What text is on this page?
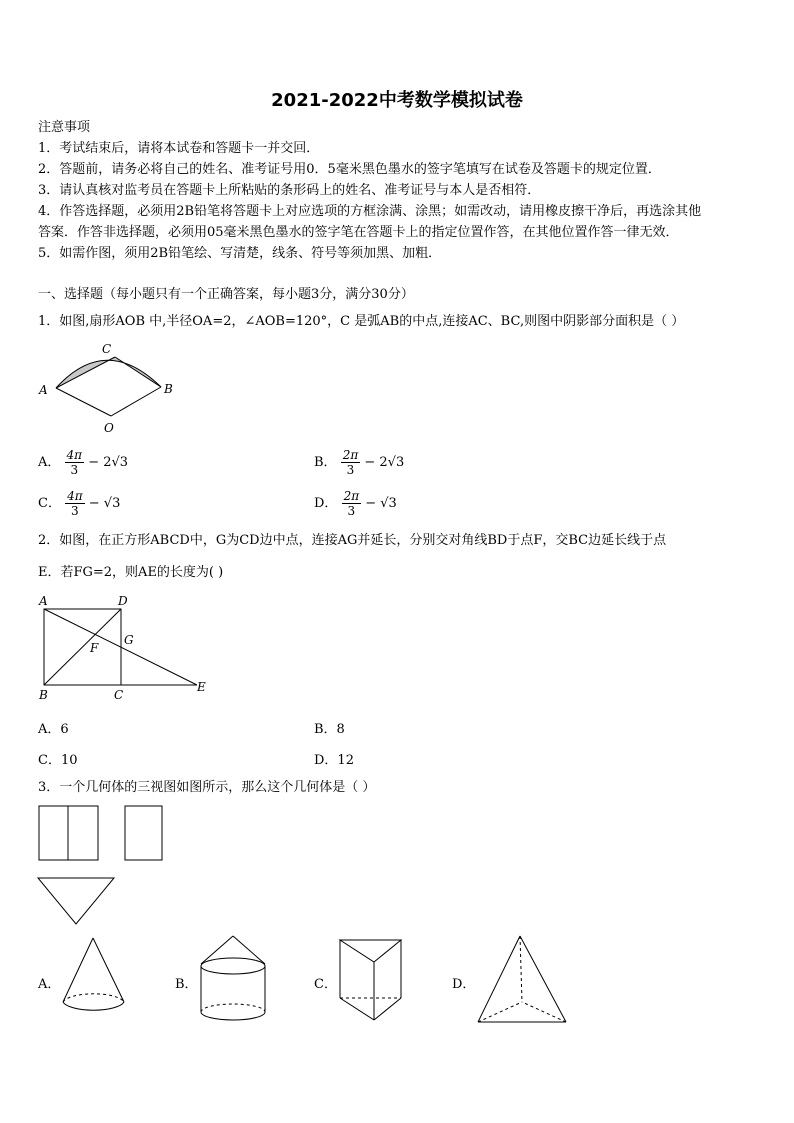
2021-2022中考数学模拟试卷
注意事项
1．考试结束后，请将本试卷和答题卡一并交回．
2．答题前，请务必将自己的姓名、准考证号用0．5毫米黑色墨水的签字笔填写在试卷及答题卡的规定位置．
3．请认真核对监考员在答题卡上所粘贴的条形码上的姓名、准考证号与本人是否相符．
4．作答选择题，必须用2B铅笔将答题卡上对应选项的方框涂满、涂黑；如需改动，请用橡皮擦干净后，再选涂其他
答案．作答非选择题，必须用05毫米黑色墨水的签字笔在答题卡上的指定位置作答，在其他位置作答一律无效．
5．如需作图，须用2B铅笔绘、写清楚，线条、符号等须加黑、加粗．
一、选择题（每小题只有一个正确答案，每小题3分，满分30分）
1．如图,扇形AOB 中,半径OA=2，∠AOB=120°，C 是弧AB的中点,连接AC、BC,则图中阴影部分面积是（ ）
A
C
B
O
A． $\frac{4\pi}{3} - 2√3$	B． $\frac{2\pi}{3} - 2√3$
C． $\frac{4\pi}{3} - √3$	D． $\frac{2\pi}{3} - √3$
2．如图，在正方形ABCD中，G为CD边中点，连接AG并延长，分别交对角线BD于点F，交BC边延长线于点
E．若FG=2，则AE的长度为( )
A	D
G
F
B	C
E
A．6	B．8
C．10	D．12
3．一个几何体的三视图如图所示，那么这个几何体是（ ）
A．	B．	C．	D．
